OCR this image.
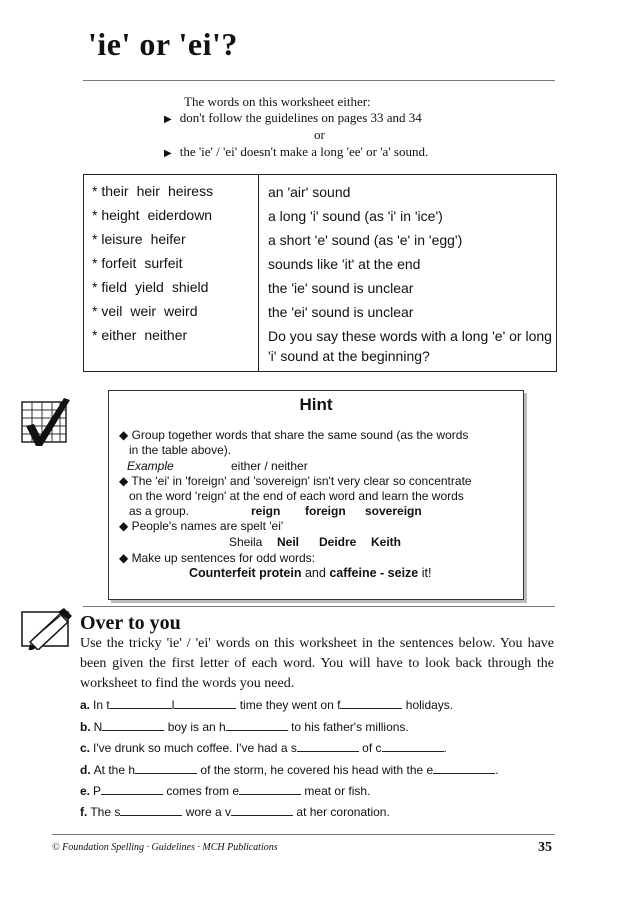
'ie' or 'ei'?
The words on this worksheet either:
▶ don't follow the guidelines on pages 33 and 34
or
▶ the 'ie' / 'ei' doesn't make a long 'ee' or 'a' sound.
* their heir heiress	an 'air' sound
* height eiderdown	a long 'i' sound (as 'i' in 'ice')
* leisure heifer	a short 'e' sound (as 'e' in 'egg')
* forfeit surfeit	sounds like 'it' at the end
* field yield shield	the 'ie' sound is unclear
* veil weir weird	the 'ei' sound is unclear
* either neither	Do you say these words with a long 'e' or long 'i' sound at the beginning?
Hint
◆ Group together words that share the same sound (as the words
in the table above).
Example	either / neither
◆ The 'ei' in 'foreign' and 'sovereign' isn't very clear so concentrate
on the word 'reign' at the end of each word and learn the words
as a group.	reign foreign sovereign
◆ People's names are spelt 'ei'
Sheila Neil Deidre Keith
◆ Make up sentences for odd words:
Counterfeit protein and caffeine - seize it!
Over to you
Use the tricky 'ie' / 'ei' words on this worksheet in the sentences below. You have been given the first letter of each word. You will have to look back through the worksheet to find the words you need.
a. In t	l	time they went on f	holidays.
b. N	boy is an h	to his father's millions.
c. I've drunk so much coffee. I've had a s	of c	.
d. At the h	of the storm, he covered his head with the e	.
e. P	comes from e	meat or fish.
f. The s	wore a v	at her coronation.
© Foundation Spelling · Guidelines · MCH Publications	35
